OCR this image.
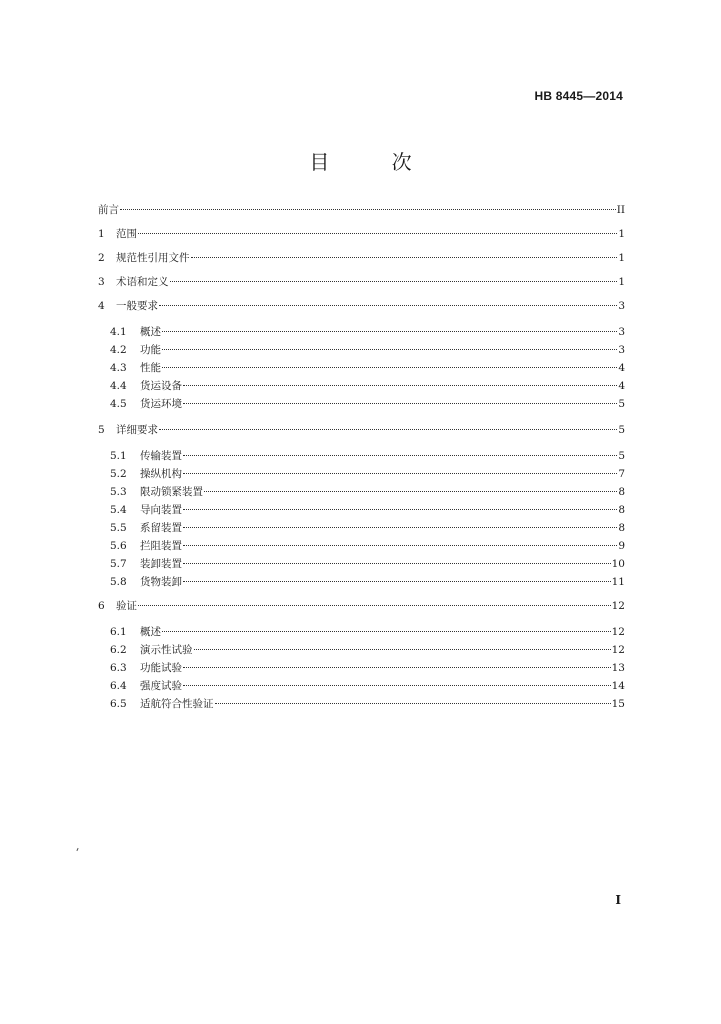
HB 8445—2014
目 次
前言	II
1	范围	1
2	规范性引用文件	1
3	术语和定义	1
4	一般要求	3
4.1	概述	3
4.2	功能	3
4.3	性能	4
4.4	货运设备	4
4.5	货运环境	5
5	详细要求	5
5.1	传输装置	5
5.2	操纵机构	7
5.3	限动锁紧装置	8
5.4	导向装置	8
5.5	系留装置	8
5.6	拦阻装置	9
5.7	装卸装置	10
5.8	货物装卸	11
6	验证	12
6.1	概述	12
6.2	演示性试验	12
6.3	功能试验	13
6.4	强度试验	14
6.5	适航符合性验证	15
I
